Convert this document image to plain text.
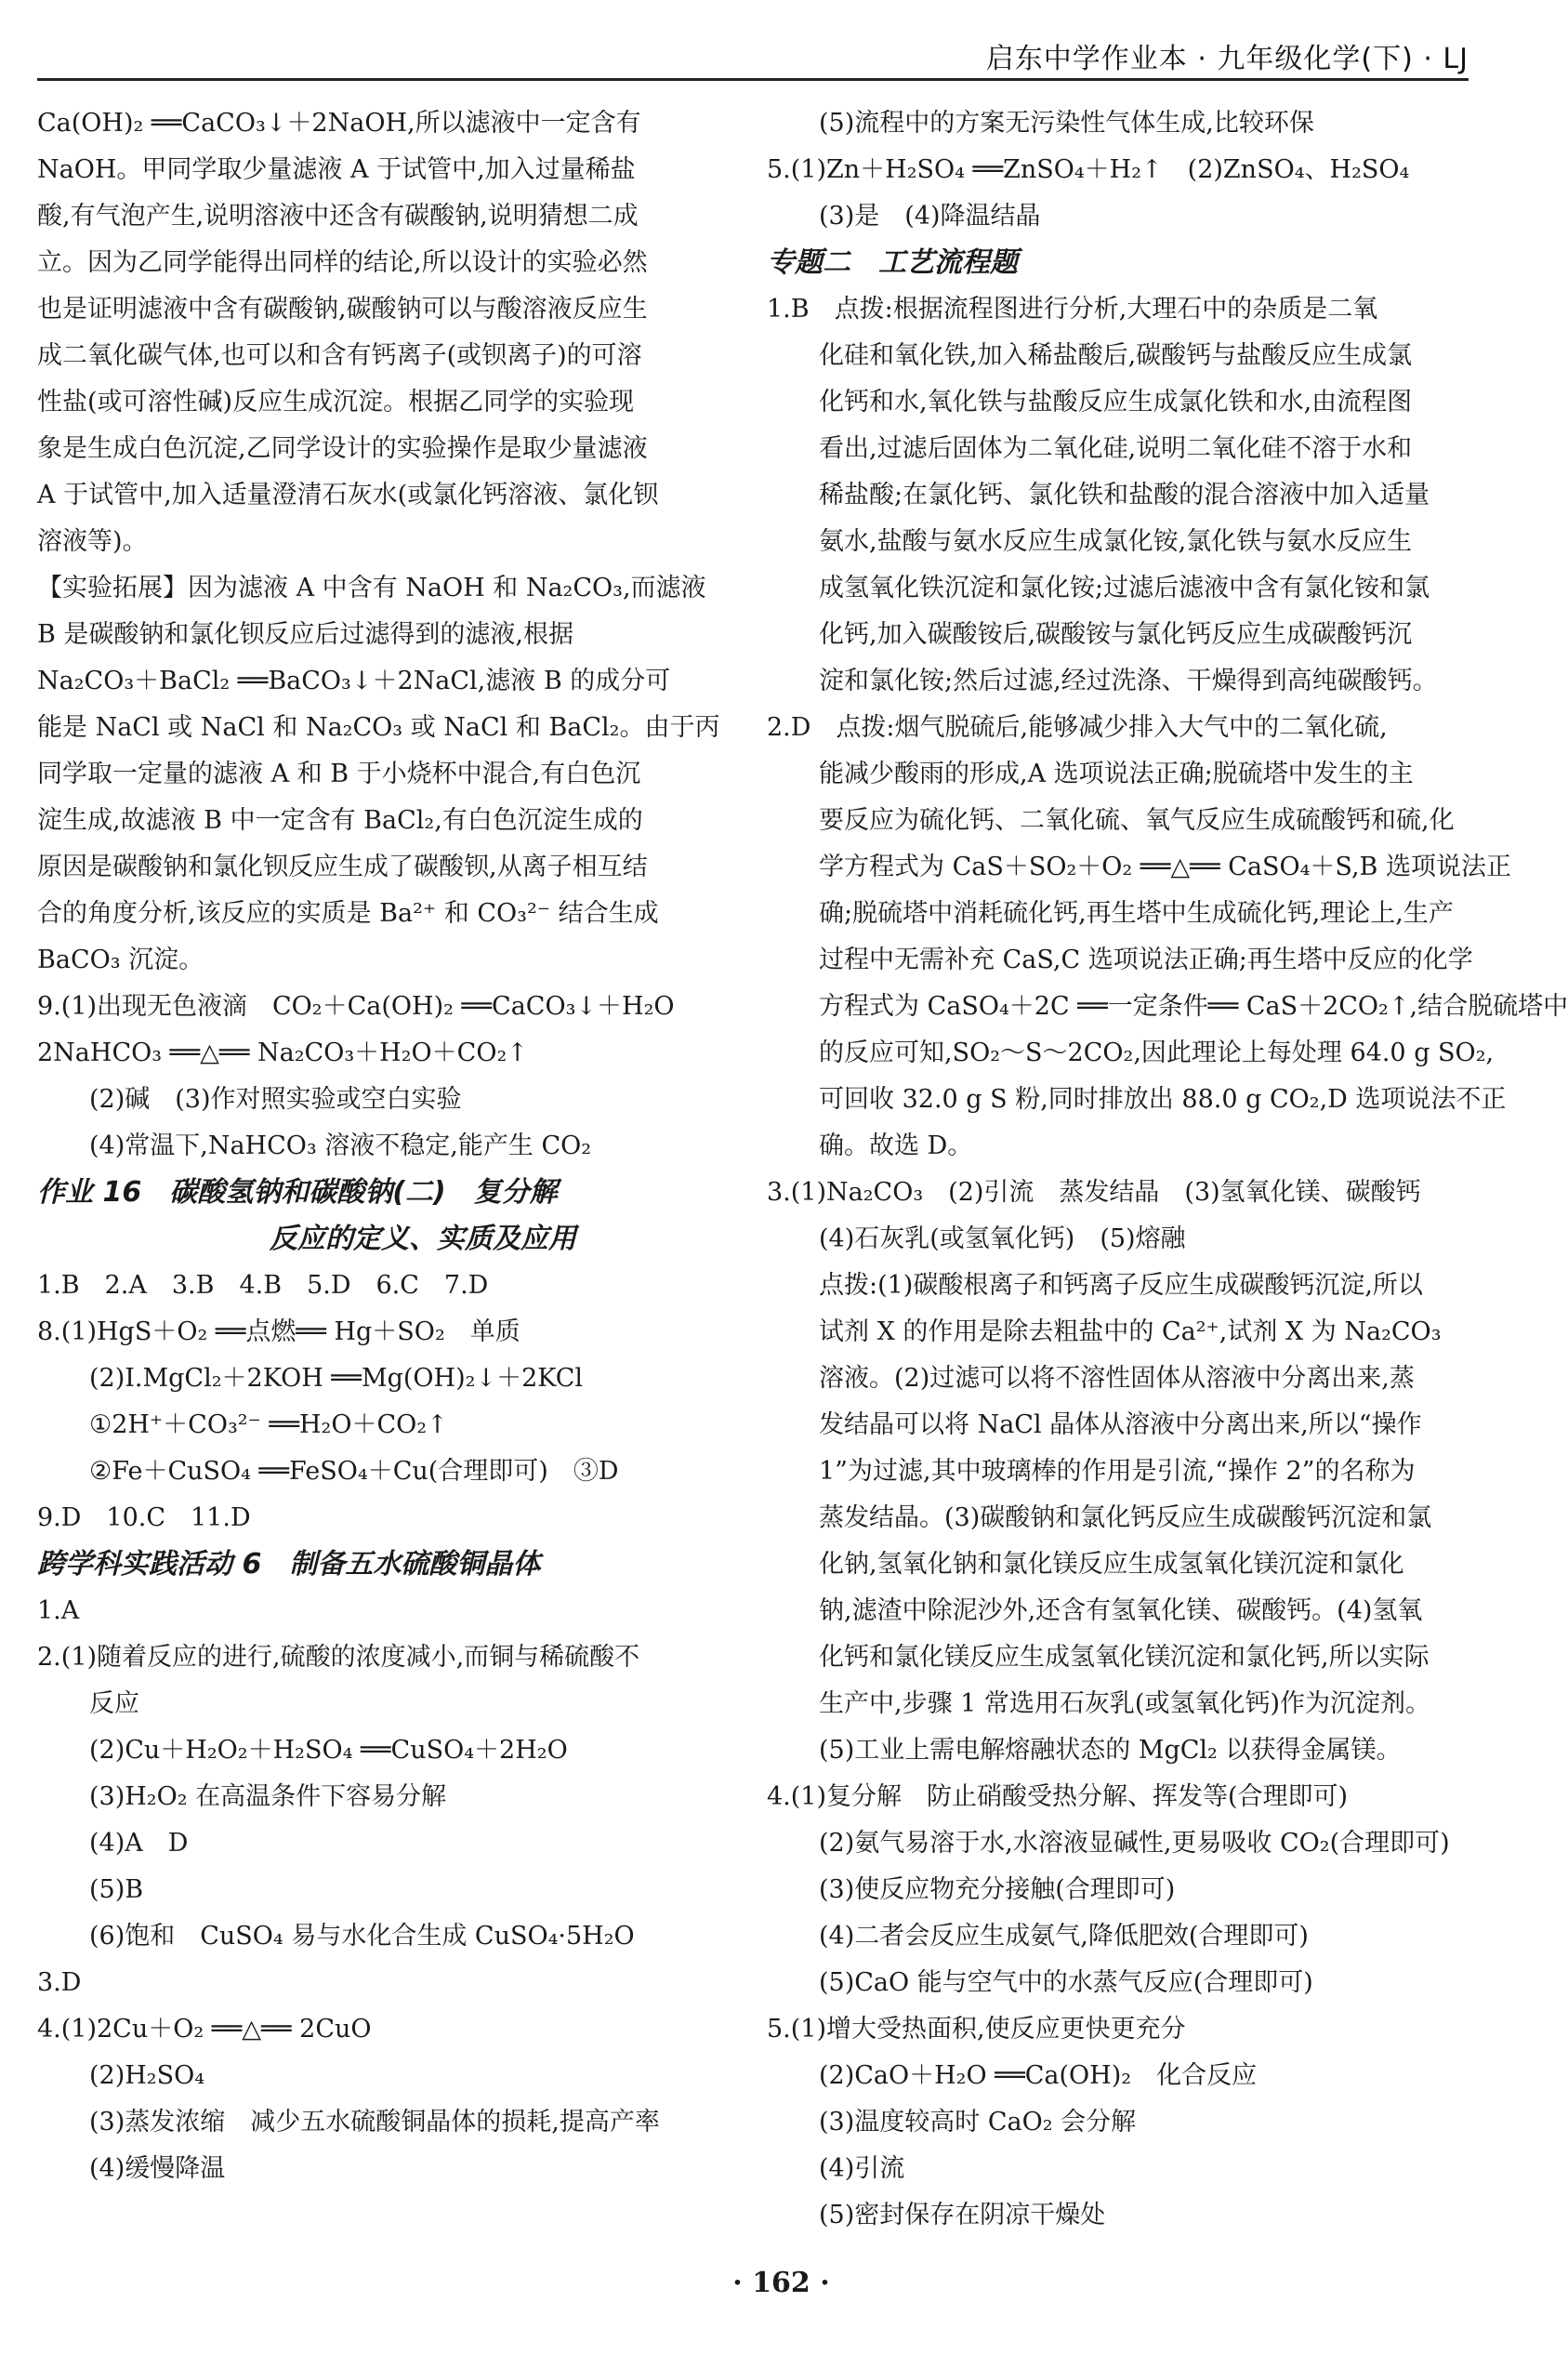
启东中学作业本 · 九年级化学(下) · LJ
Ca(OH)₂ ══CaCO₃↓＋2NaOH,所以滤液中一定含有
NaOH。甲同学取少量滤液 A 于试管中,加入过量稀盐
酸,有气泡产生,说明溶液中还含有碳酸钠,说明猜想二成
立。因为乙同学能得出同样的结论,所以设计的实验必然
也是证明滤液中含有碳酸钠,碳酸钠可以与酸溶液反应生
成二氧化碳气体,也可以和含有钙离子(或钡离子)的可溶
性盐(或可溶性碱)反应生成沉淀。根据乙同学的实验现
象是生成白色沉淀,乙同学设计的实验操作是取少量滤液
A 于试管中,加入适量澄清石灰水(或氯化钙溶液、氯化钡
溶液等)。
【实验拓展】因为滤液 A 中含有 NaOH 和 Na₂CO₃,而滤液
B 是碳酸钠和氯化钡反应后过滤得到的滤液,根据
Na₂CO₃＋BaCl₂ ══BaCO₃↓＋2NaCl,滤液 B 的成分可
能是 NaCl 或 NaCl 和 Na₂CO₃ 或 NaCl 和 BaCl₂。由于丙
同学取一定量的滤液 A 和 B 于小烧杯中混合,有白色沉
淀生成,故滤液 B 中一定含有 BaCl₂,有白色沉淀生成的
原因是碳酸钠和氯化钡反应生成了碳酸钡,从离子相互结
合的角度分析,该反应的实质是 Ba²⁺ 和 CO₃²⁻ 结合生成
BaCO₃ 沉淀。
9.(1)出现无色液滴　CO₂＋Ca(OH)₂ ══CaCO₃↓＋H₂O
2NaHCO₃ ══△══ Na₂CO₃＋H₂O＋CO₂↑
(2)碱　(3)作对照实验或空白实验
(4)常温下,NaHCO₃ 溶液不稳定,能产生 CO₂
作业 16　碳酸氢钠和碳酸钠(二)　复分解
反应的定义、实质及应用
1.B　2.A　3.B　4.B　5.D　6.C　7.D
8.(1)HgS＋O₂ ══点燃══ Hg＋SO₂　单质
(2)Ⅰ.MgCl₂＋2KOH ══Mg(OH)₂↓＋2KCl
①2H⁺＋CO₃²⁻ ══H₂O＋CO₂↑
②Fe＋CuSO₄ ══FeSO₄＋Cu(合理即可)　③D
9.D　10.C　11.D
跨学科实践活动 6　制备五水硫酸铜晶体
1.A
2.(1)随着反应的进行,硫酸的浓度减小,而铜与稀硫酸不
反应
(2)Cu＋H₂O₂＋H₂SO₄ ══CuSO₄＋2H₂O
(3)H₂O₂ 在高温条件下容易分解
(4)A　D
(5)B
(6)饱和　CuSO₄ 易与水化合生成 CuSO₄·5H₂O
3.D
4.(1)2Cu＋O₂ ══△══ 2CuO
(2)H₂SO₄
(3)蒸发浓缩　减少五水硫酸铜晶体的损耗,提高产率
(4)缓慢降温
(5)流程中的方案无污染性气体生成,比较环保
5.(1)Zn＋H₂SO₄ ══ZnSO₄＋H₂↑　(2)ZnSO₄、H₂SO₄
(3)是　(4)降温结晶
专题二　工艺流程题
1.B　点拨:根据流程图进行分析,大理石中的杂质是二氧
化硅和氧化铁,加入稀盐酸后,碳酸钙与盐酸反应生成氯
化钙和水,氧化铁与盐酸反应生成氯化铁和水,由流程图
看出,过滤后固体为二氧化硅,说明二氧化硅不溶于水和
稀盐酸;在氯化钙、氯化铁和盐酸的混合溶液中加入适量
氨水,盐酸与氨水反应生成氯化铵,氯化铁与氨水反应生
成氢氧化铁沉淀和氯化铵;过滤后滤液中含有氯化铵和氯
化钙,加入碳酸铵后,碳酸铵与氯化钙反应生成碳酸钙沉
淀和氯化铵;然后过滤,经过洗涤、干燥得到高纯碳酸钙。
2.D　点拨:烟气脱硫后,能够减少排入大气中的二氧化硫,
能减少酸雨的形成,A 选项说法正确;脱硫塔中发生的主
要反应为硫化钙、二氧化硫、氧气反应生成硫酸钙和硫,化
学方程式为 CaS＋SO₂＋O₂ ══△══ CaSO₄＋S,B 选项说法正
确;脱硫塔中消耗硫化钙,再生塔中生成硫化钙,理论上,生产
过程中无需补充 CaS,C 选项说法正确;再生塔中反应的化学
方程式为 CaSO₄＋2C ══一定条件══ CaS＋2CO₂↑,结合脱硫塔中
的反应可知,SO₂～S～2CO₂,因此理论上每处理 64.0 g SO₂,
可回收 32.0 g S 粉,同时排放出 88.0 g CO₂,D 选项说法不正
确。故选 D。
3.(1)Na₂CO₃　(2)引流　蒸发结晶　(3)氢氧化镁、碳酸钙
(4)石灰乳(或氢氧化钙)　(5)熔融
点拨:(1)碳酸根离子和钙离子反应生成碳酸钙沉淀,所以
试剂 X 的作用是除去粗盐中的 Ca²⁺,试剂 X 为 Na₂CO₃
溶液。(2)过滤可以将不溶性固体从溶液中分离出来,蒸
发结晶可以将 NaCl 晶体从溶液中分离出来,所以“操作
1”为过滤,其中玻璃棒的作用是引流,“操作 2”的名称为
蒸发结晶。(3)碳酸钠和氯化钙反应生成碳酸钙沉淀和氯
化钠,氢氧化钠和氯化镁反应生成氢氧化镁沉淀和氯化
钠,滤渣中除泥沙外,还含有氢氧化镁、碳酸钙。(4)氢氧
化钙和氯化镁反应生成氢氧化镁沉淀和氯化钙,所以实际
生产中,步骤 1 常选用石灰乳(或氢氧化钙)作为沉淀剂。
(5)工业上需电解熔融状态的 MgCl₂ 以获得金属镁。
4.(1)复分解　防止硝酸受热分解、挥发等(合理即可)
(2)氨气易溶于水,水溶液显碱性,更易吸收 CO₂(合理即可)
(3)使反应物充分接触(合理即可)
(4)二者会反应生成氨气,降低肥效(合理即可)
(5)CaO 能与空气中的水蒸气反应(合理即可)
5.(1)增大受热面积,使反应更快更充分
(2)CaO＋H₂O ══Ca(OH)₂　化合反应
(3)温度较高时 CaO₂ 会分解
(4)引流
(5)密封保存在阴凉干燥处
· 162 ·
